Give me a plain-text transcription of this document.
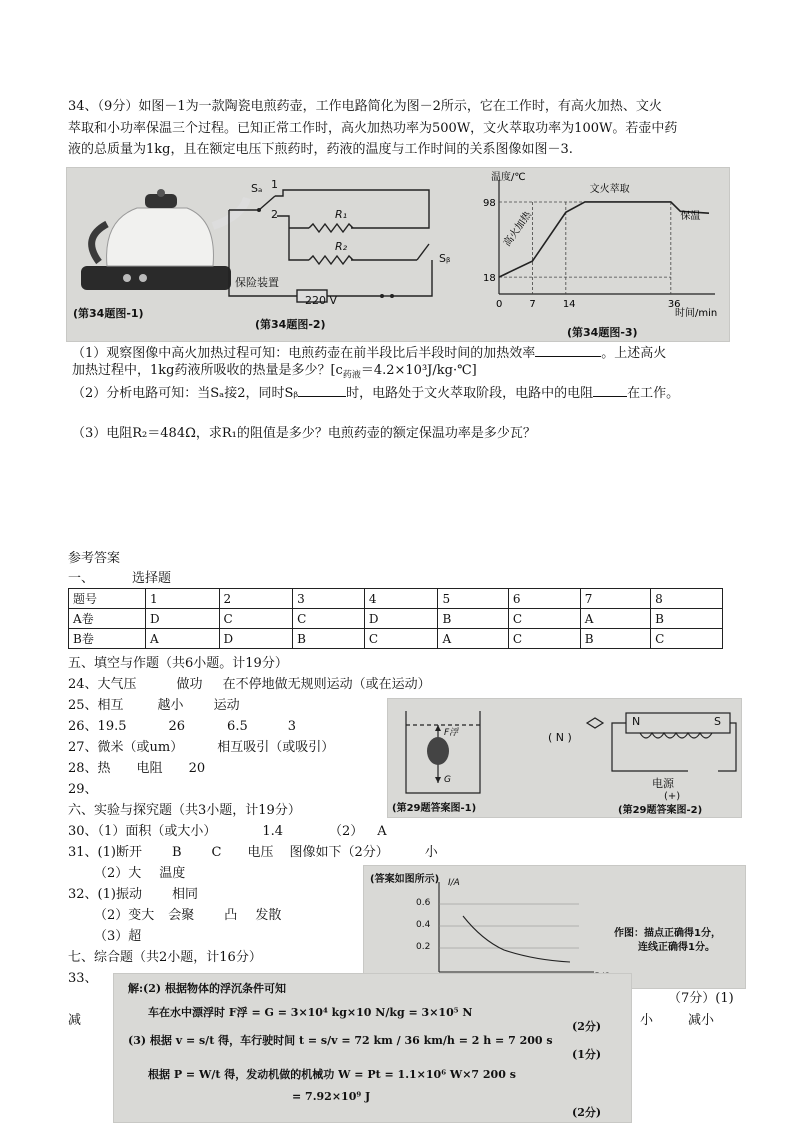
34、（9分）如图－1为一款陶瓷电煎药壶，工作电路简化为图－2所示，它在工作时，有高火加热、文火
萃取和小功率保温三个过程。已知正常工作时，高火加热功率为500W，文火萃取功率为100W。若壶中药
液的总质量为1kg，且在额定电压下煎药时，药液的温度与工作时间的关系图像如图－3.
(第34题图-1)
Sₐ 1
2	R₁
R₂
Sᵦ
保险装置
220 V
(第34题图-2)
温度/℃
时间/min
0	7	14	36
18
98
高火加热
文火萃取
保温
(第34题图-3)
（1）观察图像中高火加热过程可知：电煎药壶在前半段比后半段时间的加热效率	。上述高火
加热过程中，1kg药液所吸收的热量是多少？$[c_{药液}=4.2\times 10^3J/kg\cdot℃]$
（2）分析电路可知：当Sₐ接2，同时Sᵦ	时，电路处于文火萃取阶段，电路中的电阻	在工作。
（3）电阻R₂＝484Ω，求R₁的阻值是多少？电煎药壶的额定保温功率是多少瓦？
参考答案
一、	选择题
题号	1	2	3	4	5	6	7	8
A卷	D	C	C	D	B	C	A	B
B卷	A	D	B	C	A	C	B	C
五、填空与作题（共6小题。计19分）
24、大气压	做功 在不停地做无规则运动（或在运动）
25、相互	越小 运动
26、19.5	26	6.5	3
27、微米（或um）	相互吸引（或吸引）
28、热 电阻 20
29、
六、实验与探究题（共3小题，计19分）
30、（1）面积（或大小）	1.4	（2） A
31、(1)断开 B C 电压 图像如下（2分）	小
（2）大 温度
32、(1)振动 相同
（2）变大 会聚 凸 发散
（3）超
七、综合题（共2小题，计16分）
33、
（7分）(1)
减	小	减小
F浮
G
( N )
N	S
电源
(+)
(第29题答案图-1)	(第29题答案图-2)
(答案如图所示) I/A
0.2
0.4
0.6
作图：描点正确得1分，
连线正确得1分。
解:(2) 根据物体的浮沉条件可知
车在水中漂浮时 F浮 = G = 3×10⁴ kg×10 N/kg = 3×10⁵ N
(2分)
(3) 根据 v = s/t 得，车行驶时间 t = s/v = 72 km / 36 km/h = 2 h = 7 200 s
(1分)
根据 P = W/t 得，发动机做的机械功 W = Pt = 1.1×10⁶ W×7 200 s
= 7.92×10⁹ J
(2分)
